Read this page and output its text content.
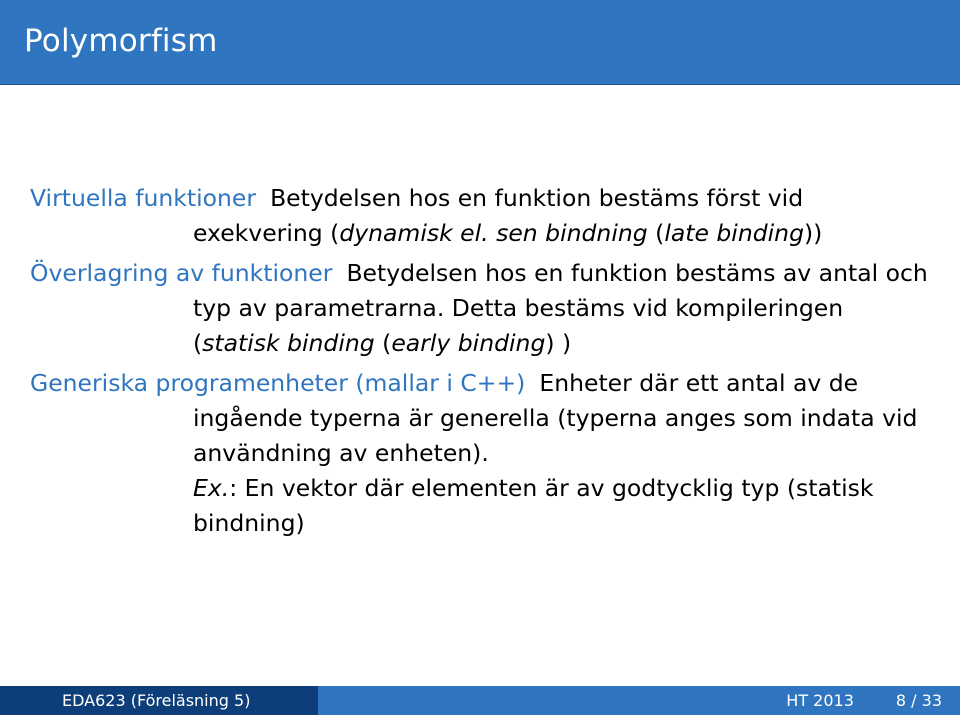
Polymorfism
Virtuella funktioner Betydelsen hos en funktion bestäms först vid
exekvering (dynamisk el. sen bindning (late binding))
Överlagring av funktioner Betydelsen hos en funktion bestäms av antal och
typ av parametrarna. Detta bestäms vid kompileringen
(statisk binding (early binding) )
Generiska programenheter (mallar i C++) Enheter där ett antal av de
ingående typerna är generella (typerna anges som indata vid
användning av enheten).
Ex.: En vektor där elementen är av godtycklig typ (statisk
bindning)
EDA623 (Föreläsning 5)	HT 2013	8 / 33
